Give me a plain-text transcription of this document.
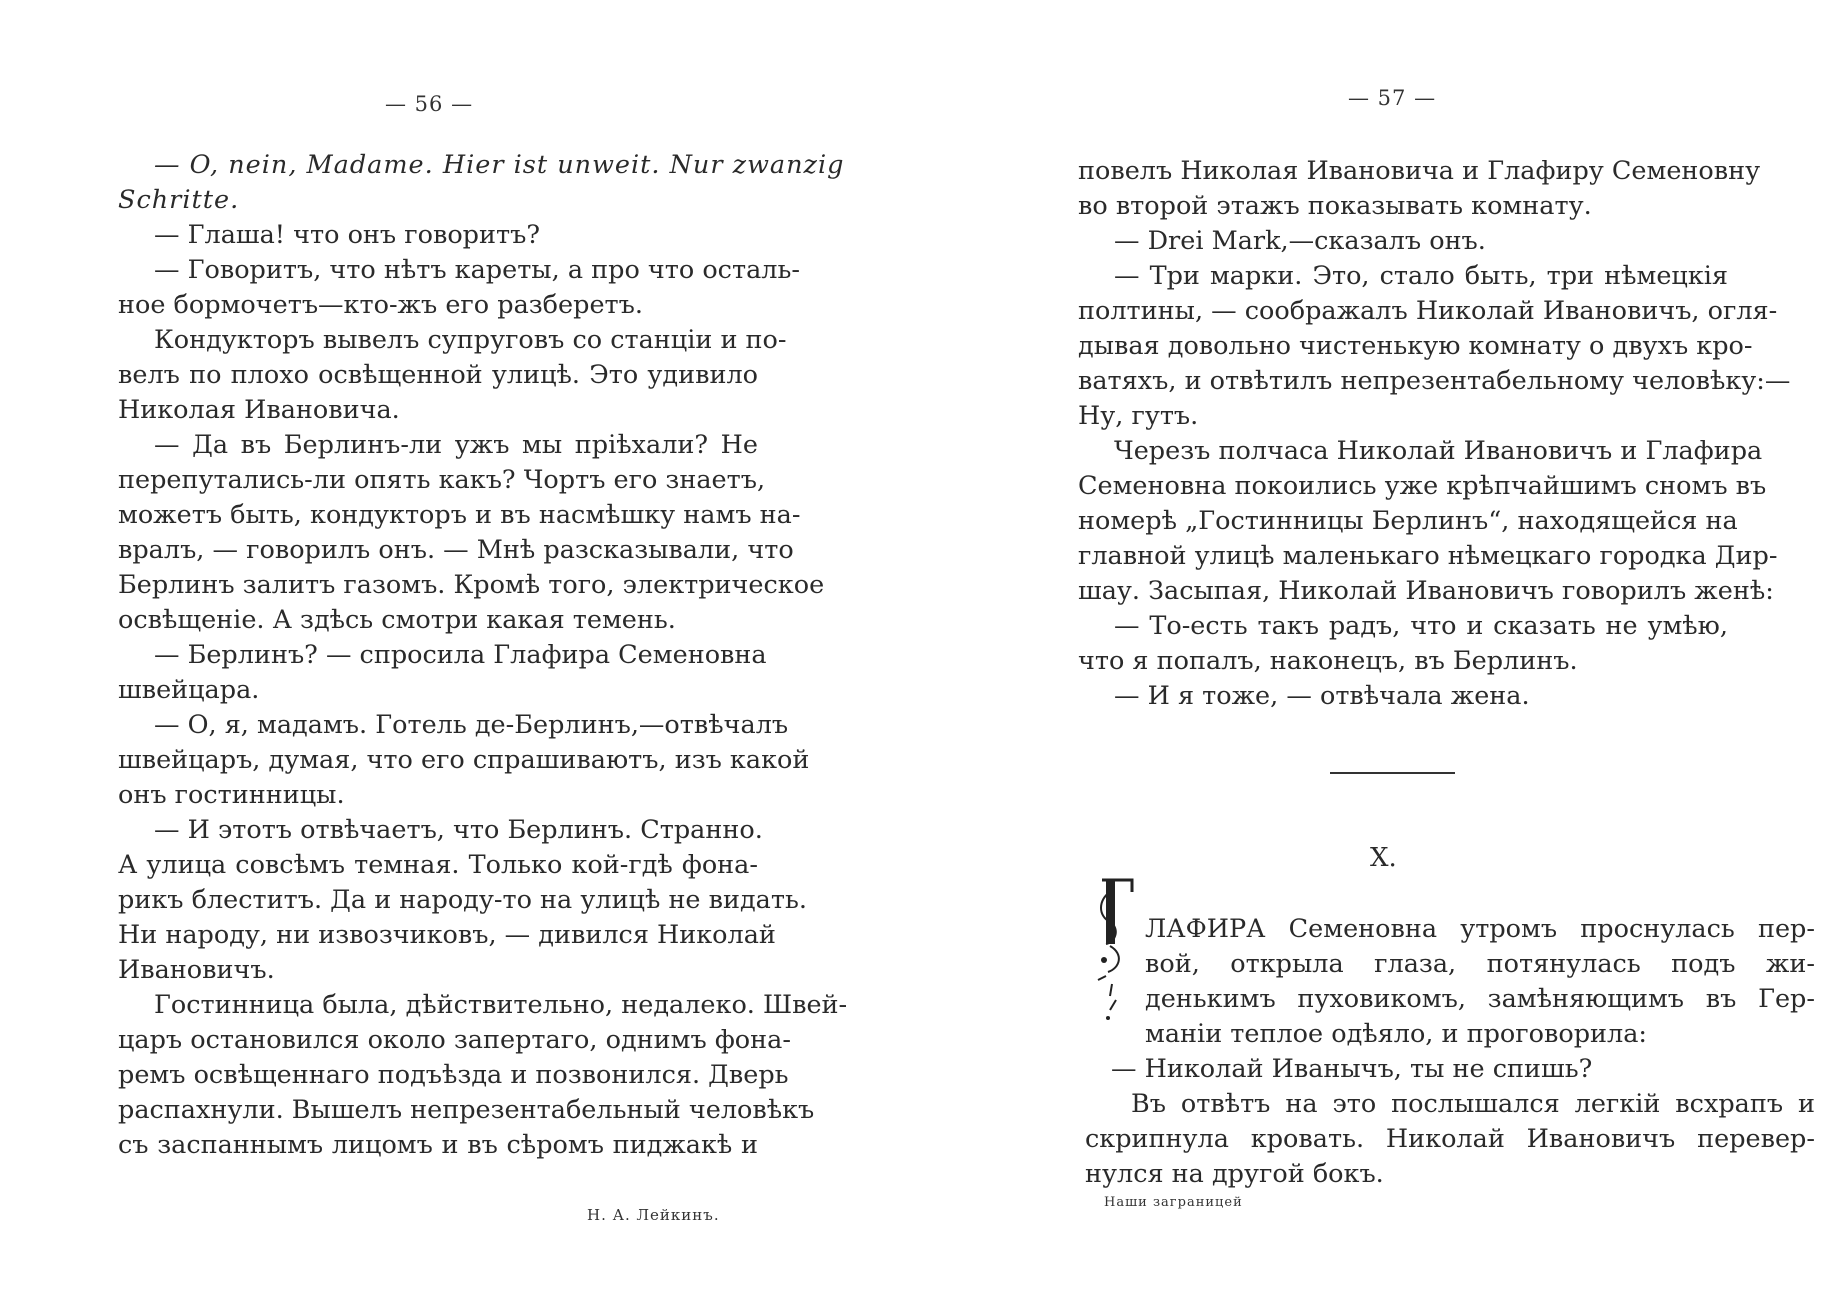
— 56 —
— O, nein, Madame. Hier ist unweit. Nur zwanzig
Schritte.
— Глаша! что онъ говоритъ?
— Говоритъ, что нѣтъ кареты, а про что осталь-
ное бормочетъ—кто-жъ его разберетъ.
Кондукторъ вывелъ супруговъ со станціи и по-
велъ по плохо освѣщенной улицѣ. Это удивило
Николая Ивановича.
— Да въ Берлинъ-ли ужъ мы пріѣхали? Не
перепутались-ли опять какъ? Чортъ его знаетъ,
можетъ быть, кондукторъ и въ насмѣшку намъ на-
вралъ, — говорилъ онъ. — Мнѣ разсказывали, что
Берлинъ залитъ газомъ. Кромѣ того, электрическое
освѣщеніе. А здѣсь смотри какая темень.
— Берлинъ? — спросила Глафира Семеновна
швейцара.
— О, я, мадамъ. Готель де-Берлинъ,—отвѣчалъ
швейцаръ, думая, что его спрашиваютъ, изъ какой
онъ гостинницы.
— И этотъ отвѣчаетъ, что Берлинъ. Странно.
А улица совсѣмъ темная. Только кой-гдѣ фона-
рикъ блеститъ. Да и народу-то на улицѣ не видать.
Ни народу, ни извозчиковъ, — дивился Николай
Ивановичъ.
Гостинница была, дѣйствительно, недалеко. Швей-
царъ остановился около запертаго, однимъ фона-
ремъ освѣщеннаго подъѣзда и позвонился. Дверь
распахнули. Вышелъ непрезентабельный человѣкъ
съ заспаннымъ лицомъ и въ сѣромъ пиджакѣ и
Н. А. Лейкинъ.
— 57 —
повелъ Николая Ивановича и Глафиру Семеновну
во второй этажъ показывать комнату.
— Drei Mark,—сказалъ онъ.
— Три марки. Это, стало быть, три нѣмецкія
полтины, — соображалъ Николай Ивановичъ, огля-
дывая довольно чистенькую комнату о двухъ кро-
ватяхъ, и отвѣтилъ непрезентабельному человѣку:—
Ну, гутъ.
Черезъ полчаса Николай Ивановичъ и Глафира
Семеновна покоились уже крѣпчайшимъ сномъ въ
номерѣ „Гостинницы Берлинъ“, находящейся на
главной улицѣ маленькаго нѣмецкаго городка Дир-
шау. Засыпая, Николай Ивановичъ говорилъ женѣ:
— То-есть такъ радъ, что и сказать не умѣю,
что я попалъ, наконецъ, въ Берлинъ.
— И я тоже, — отвѣчала жена.
X.
ЛАФИРА Семеновна утромъ проснулась пер-
вой, открыла глаза, потянулась подъ жи-
денькимъ пуховикомъ, замѣняющимъ въ Гер-
маніи теплое одѣяло, и проговорила:
— Николай Иванычъ, ты не спишь?
Въ отвѣтъ на это послышался легкій всхрапъ и
скрипнула кровать. Николай Ивановичъ перевер-
нулся на другой бокъ.
Наши заграницей
